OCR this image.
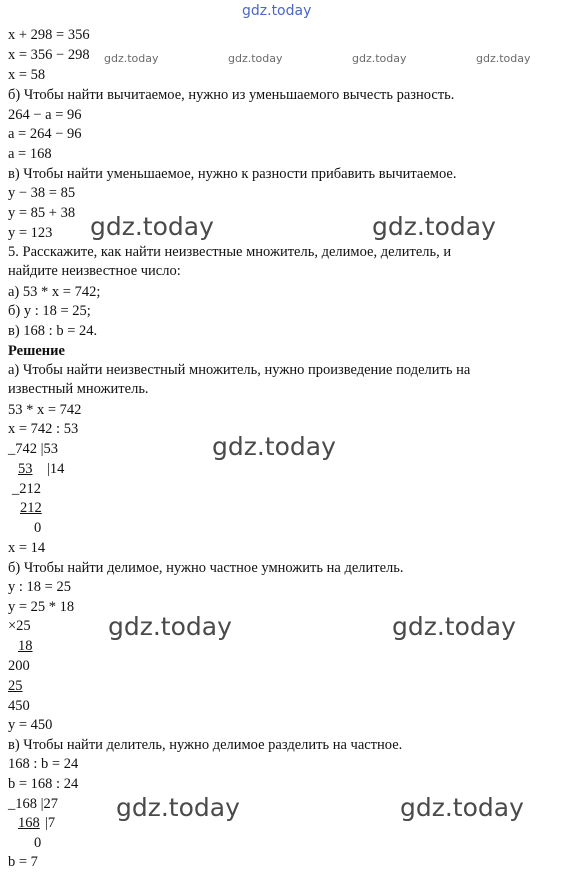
gdz.today
gdz.today	gdz.today	gdz.today	gdz.today
gdz.today	gdz.today
gdz.today
gdz.today	gdz.today
gdz.today	gdz.today
x + 298 = 356
x = 356 − 298
x = 58
б) Чтобы найти вычитаемое, нужно из уменьшаемого вычесть разность.
264 − a = 96
a = 264 − 96
a = 168
в) Чтобы найти уменьшаемое, нужно к разности прибавить вычитаемое.
y − 38 = 85
y = 85 + 38
y = 123
5. Расскажите, как найти неизвестные множитель, делимое, делитель, и
найдите неизвестное число:
а) 53 * x = 742;
б) y : 18 = 25;
в) 168 : b = 24.
Решение
а) Чтобы найти неизвестный множитель, нужно произведение поделить на
известный множитель.
53 * x = 742
x = 742 : 53
_742 |53
53 |14
_212
212
0
x = 14
б) Чтобы найти делимое, нужно частное умножить на делитель.
y : 18 = 25
y = 25 * 18
×25
18
200
25
450
y = 450
в) Чтобы найти делитель, нужно делимое разделить на частное.
168 : b = 24
b = 168 : 24
_168 |27
168 |7
0
b = 7
